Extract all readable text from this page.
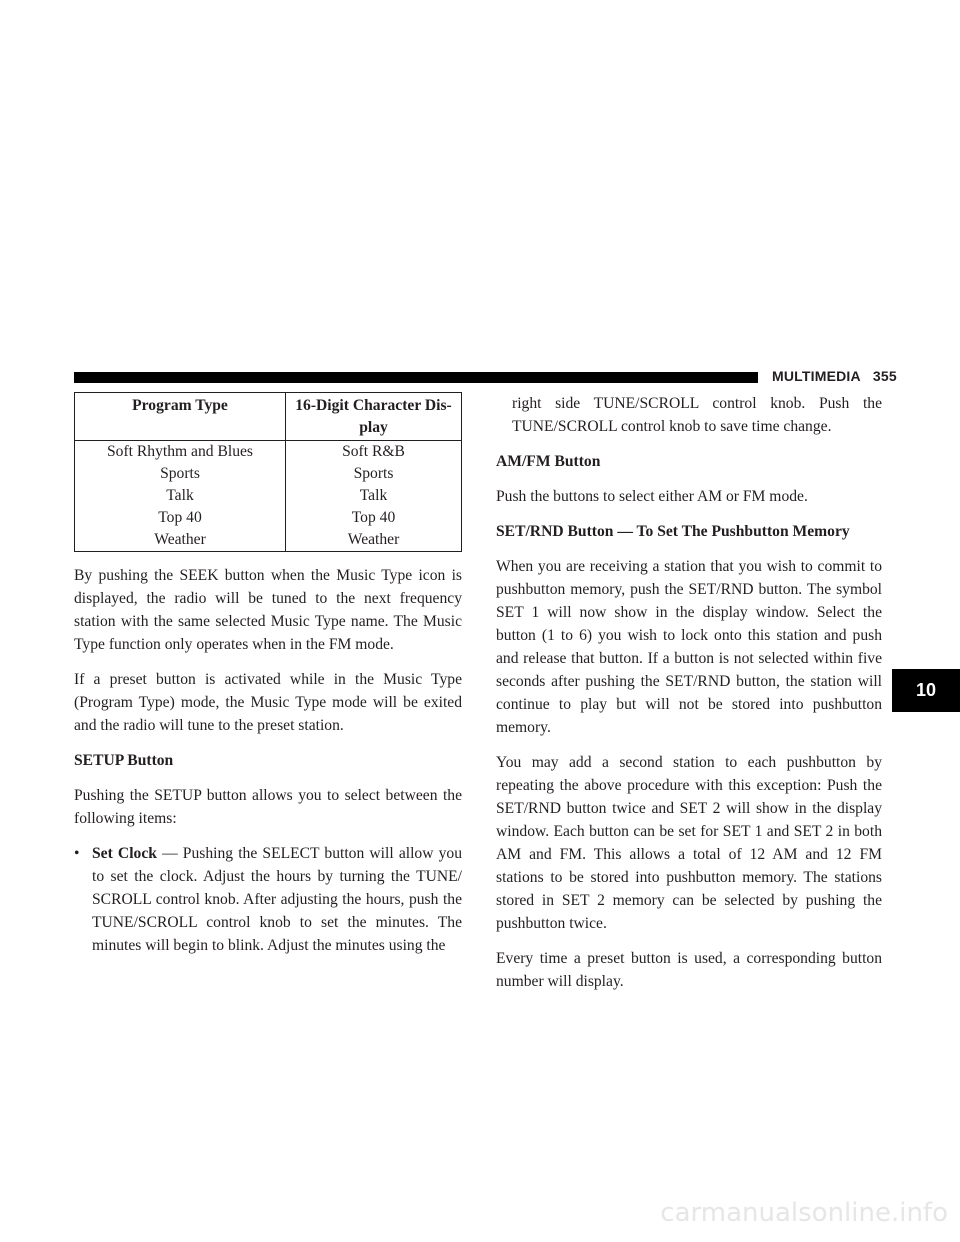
MULTIMEDIA 355
Program Type	16-Digit Character Dis-play
Soft Rhythm and Blues	Soft R&B
Sports	Sports
Talk	Talk
Top 40	Top 40
Weather	Weather

By pushing the SEEK button when the Music Type icon is displayed, the radio will be tuned to the next frequency station with the same selected Music Type name. The Music Type function only operates when in the FM mode.

If a preset button is activated while in the Music Type (Program Type) mode, the Music Type mode will be exited and the radio will tune to the preset station.

SETUP Button

Pushing the SETUP button allows you to select between the following items:

• Set Clock — Pushing the SELECT button will allow you to set the clock. Adjust the hours by turning the TUNE/ SCROLL control knob. After adjusting the hours, push the TUNE/SCROLL control knob to set the minutes. The minutes will begin to blink. Adjust the minutes using the

right side TUNE/SCROLL control knob. Push the TUNE/SCROLL control knob to save time change.

AM/FM Button

Push the buttons to select either AM or FM mode.

SET/RND Button — To Set The Pushbutton Memory

When you are receiving a station that you wish to commit to pushbutton memory, push the SET/RND button. The symbol SET 1 will now show in the display window. Select the button (1 to 6) you wish to lock onto this station and push and release that button. If a button is not selected within five seconds after pushing the SET/RND button, the station will continue to play but will not be stored into pushbutton memory.

You may add a second station to each pushbutton by repeating the above procedure with this exception: Push the SET/RND button twice and SET 2 will show in the display window. Each button can be set for SET 1 and SET 2 in both AM and FM. This allows a total of 12 AM and 12 FM stations to be stored into pushbutton memory. The stations stored in SET 2 memory can be selected by pushing the pushbutton twice.

Every time a preset button is used, a corresponding button number will display.

10
carmanualsonline.info
